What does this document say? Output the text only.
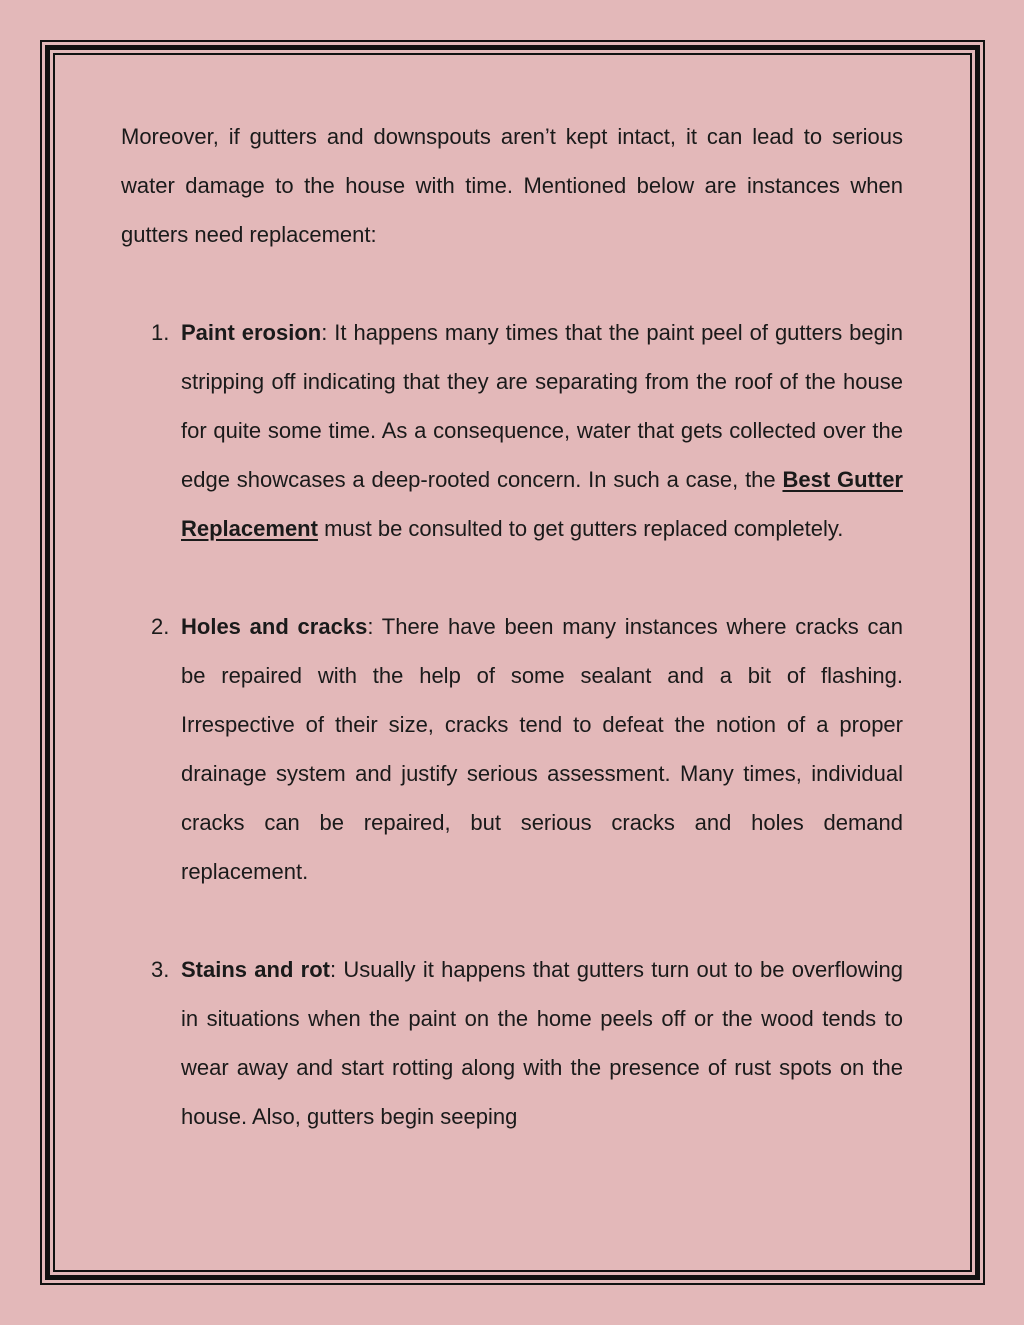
Moreover, if gutters and downspouts aren’t kept intact, it can lead to serious water damage to the house with time. Mentioned below are instances when gutters need replacement:

1. Paint erosion: It happens many times that the paint peel of gutters begin stripping off indicating that they are separating from the roof of the house for quite some time. As a consequence, water that gets collected over the edge showcases a deep-rooted concern. In such a case, the Best Gutter Replacement must be consulted to get gutters replaced completely.
2. Holes and cracks: There have been many instances where cracks can be repaired with the help of some sealant and a bit of flashing. Irrespective of their size, cracks tend to defeat the notion of a proper drainage system and justify serious assessment. Many times, individual cracks can be repaired, but serious cracks and holes demand replacement.
3. Stains and rot: Usually it happens that gutters turn out to be overflowing in situations when the paint on the home peels off or the wood tends to wear away and start rotting along with the presence of rust spots on the house. Also, gutters begin seeping
